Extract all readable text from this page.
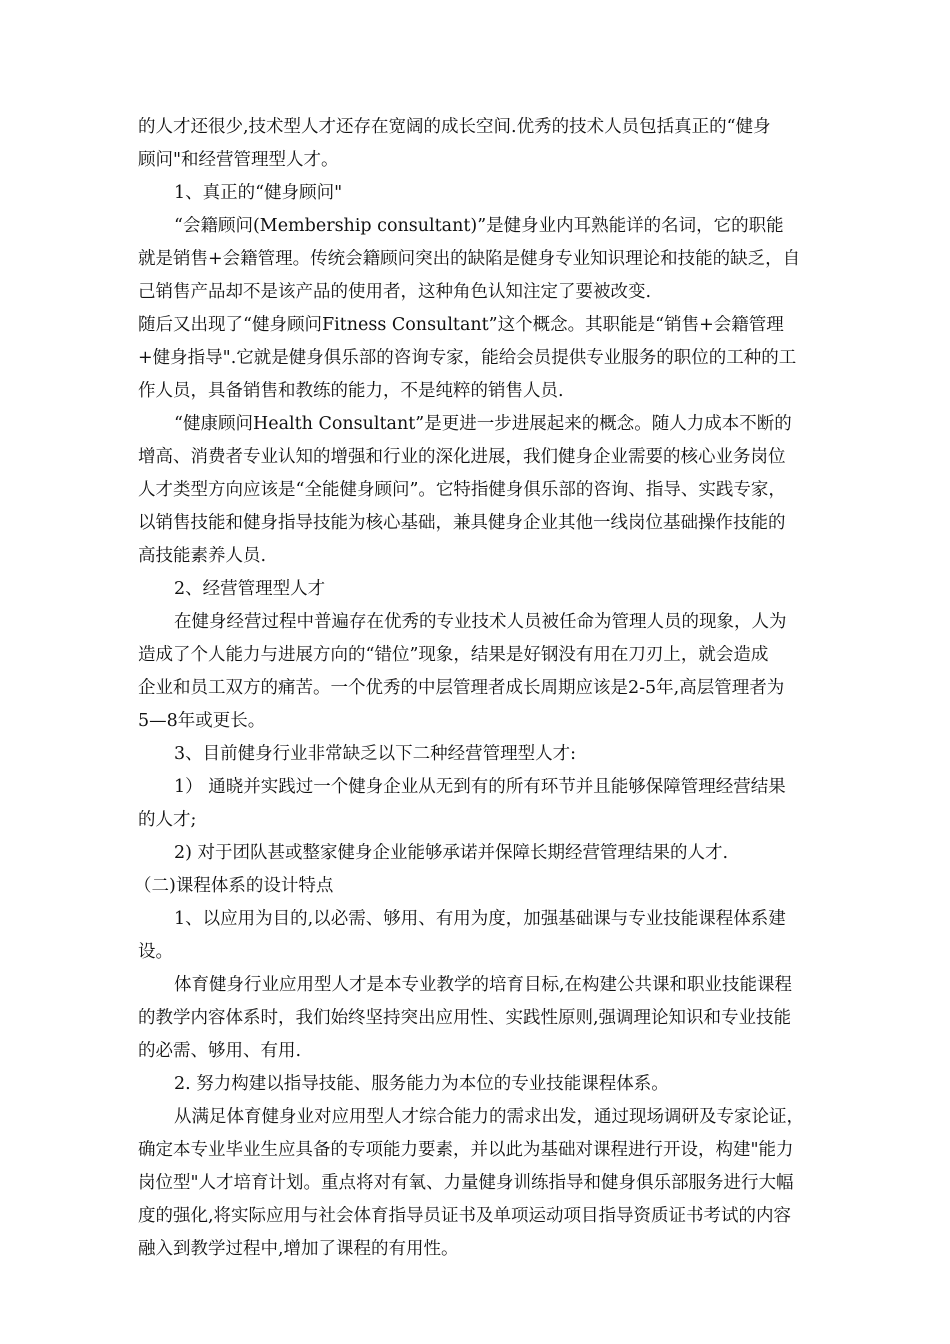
的人才还很少,技术型人才还存在宽阔的成长空间.优秀的技术人员包括真正的“健身
顾问"和经营管理型人才。
1、真正的“健身顾问"
“会籍顾问(Membership consultant)”是健身业内耳熟能详的名词，它的职能
就是销售+会籍管理。传统会籍顾问突出的缺陷是健身专业知识理论和技能的缺乏，自
己销售产品却不是该产品的使用者，这种角色认知注定了要被改变.
随后又出现了“健身顾问Fitness Consultant”这个概念。其职能是“销售+会籍管理
+健身指导".它就是健身俱乐部的咨询专家，能给会员提供专业服务的职位的工种的工
作人员，具备销售和教练的能力，不是纯粹的销售人员.
“健康顾问Health Consultant”是更进一步进展起来的概念。随人力成本不断的
增高、消费者专业认知的增强和行业的深化进展，我们健身企业需要的核心业务岗位
人才类型方向应该是“全能健身顾问”。它特指健身俱乐部的咨询、指导、实践专家，
以销售技能和健身指导技能为核心基础，兼具健身企业其他一线岗位基础操作技能的
高技能素养人员.
2、经营管理型人才
在健身经营过程中普遍存在优秀的专业技术人员被任命为管理人员的现象，人为
造成了个人能力与进展方向的“错位”现象，结果是好钢没有用在刀刃上，就会造成
企业和员工双方的痛苦。一个优秀的中层管理者成长周期应该是2-5年,高层管理者为
5—8年或更长。
3、目前健身行业非常缺乏以下二种经营管理型人才:
1） 通晓并实践过一个健身企业从无到有的所有环节并且能够保障管理经营结果
的人才;
2) 对于团队甚或整家健身企业能够承诺并保障长期经营管理结果的人才.
（二)课程体系的设计特点
1、以应用为目的,以必需、够用、有用为度，加强基础课与专业技能课程体系建
设。
体育健身行业应用型人才是本专业教学的培育目标,在构建公共课和职业技能课程
的教学内容体系时，我们始终坚持突出应用性、实践性原则,强调理论知识和专业技能
的必需、够用、有用.
2. 努力构建以指导技能、服务能力为本位的专业技能课程体系。
从满足体育健身业对应用型人才综合能力的需求出发，通过现场调研及专家论证，
确定本专业毕业生应具备的专项能力要素，并以此为基础对课程进行开设，构建"能力
岗位型"人才培育计划。重点将对有氧、力量健身训练指导和健身俱乐部服务进行大幅
度的强化,将实际应用与社会体育指导员证书及单项运动项目指导资质证书考试的内容
融入到教学过程中,增加了课程的有用性。
